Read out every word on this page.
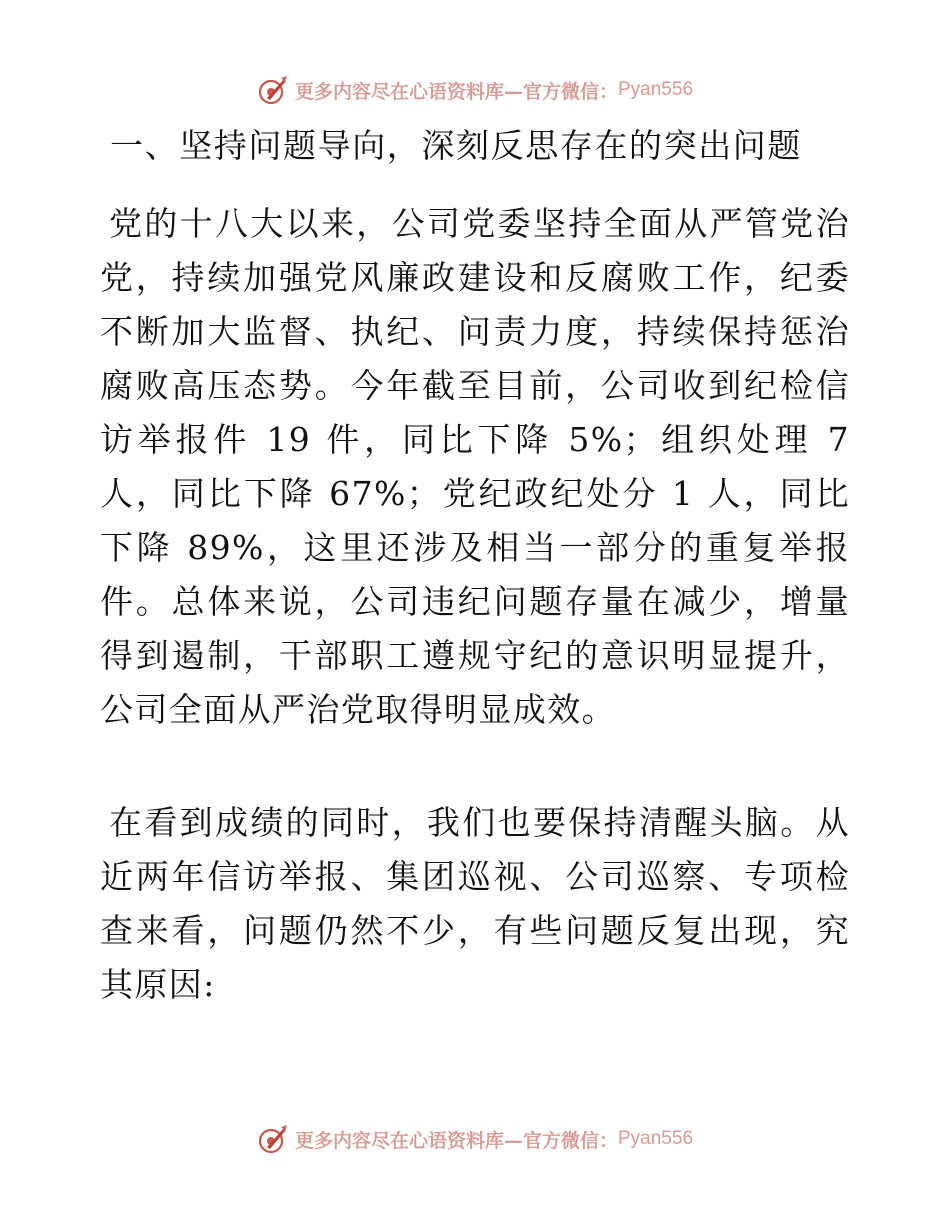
更多内容尽在心语资料库—官方微信： Pyan556
一、坚持问题导向，深刻反思存在的突出问题

党的十八大以来，公司党委坚持全面从严管党治党，持续加强党风廉政建设和反腐败工作，纪委不断加大监督、执纪、问责力度，持续保持惩治腐败高压态势。今年截至目前，公司收到纪检信访举报件 19 件，同比下降 5%；组织处理 7 人，同比下降 67%；党纪政纪处分 1 人，同比下降 89%，这里还涉及相当一部分的重复举报件。总体来说，公司违纪问题存量在减少，增量得到遏制，干部职工遵规守纪的意识明显提升，公司全面从严治党取得明显成效。

在看到成绩的同时，我们也要保持清醒头脑。从近两年信访举报、集团巡视、公司巡察、专项检查来看，问题仍然不少，有些问题反复出现，究其原因:

更多内容尽在心语资料库—官方微信： Pyan556
